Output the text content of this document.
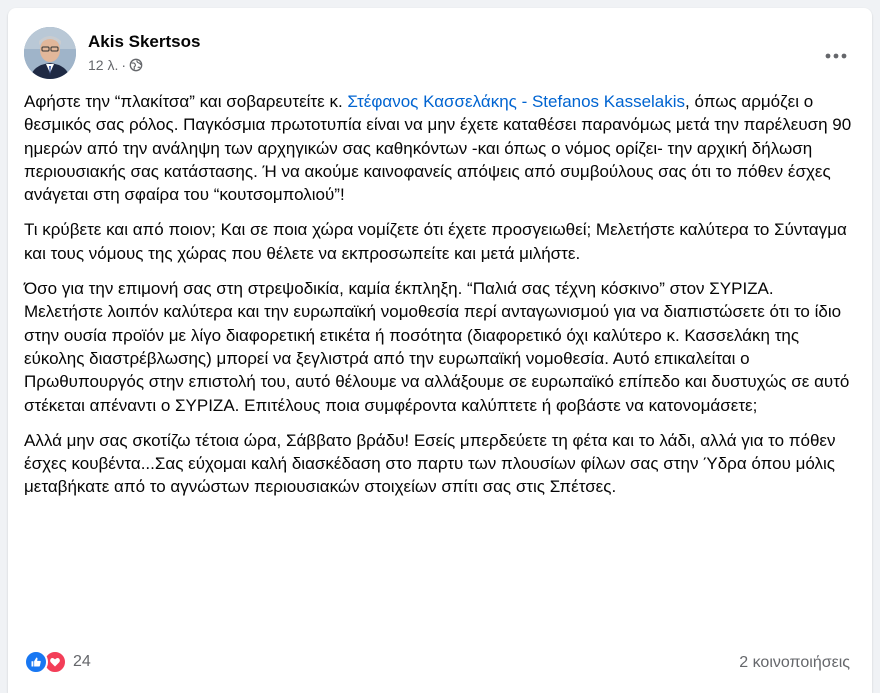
Akis Skertsos
12 λ. ·

Αφήστε την “πλακίτσα” και σοβαρευτείτε κ. Στέφανος Κασσελάκης - Stefanos Kasselakis, όπως αρμόζει ο θεσμικός σας ρόλος. Παγκόσμια πρωτοτυπία είναι να μην έχετε καταθέσει παρανόμως μετά την παρέλευση 90 ημερών από την ανάληψη των αρχηγικών σας καθηκόντων -και όπως ο νόμος ορίζει- την αρχική δήλωση περιουσιακής σας κατάστασης. Ή να ακούμε καινοφανείς απόψεις από συμβούλους σας ότι το πόθεν έσχες ανάγεται στη σφαίρα του “κουτσομπολιού”!

Τι κρύβετε και από ποιον; Και σε ποια χώρα νομίζετε ότι έχετε προσγειωθεί; Μελετήστε καλύτερα το Σύνταγμα και τους νόμους της χώρας που θέλετε να εκπροσωπείτε και μετά μιλήστε.

Όσο για την επιμονή σας στη στρεψοδικία, καμία έκπληξη. “Παλιά σας τέχνη κόσκινο” στον ΣΥΡΙΖΑ. Μελετήστε λοιπόν καλύτερα και την ευρωπαϊκή νομοθεσία περί ανταγωνισμού για να διαπιστώσετε ότι το ίδιο στην ουσία προϊόν με λίγο διαφορετική ετικέτα ή ποσότητα (διαφορετικό όχι καλύτερο κ. Κασσελάκη της εύκολης διαστρέβλωσης) μπορεί να ξεγλιστρά από την ευρωπαϊκή νομοθεσία. Αυτό επικαλείται ο Πρωθυπουργός στην επιστολή του, αυτό θέλουμε να αλλάξουμε σε ευρωπαϊκό επίπεδο και δυστυχώς σε αυτό στέκεται απέναντι ο ΣΥΡΙΖΑ. Επιτέλους ποια συμφέροντα καλύπτετε ή φοβάστε να κατονομάσετε;

Αλλά μην σας σκοτίζω τέτοια ώρα, Σάββατο βράδυ! Εσείς μπερδεύετε τη φέτα και το λάδι, αλλά για το πόθεν έσχες κουβέντα...Σας εύχομαι καλή διασκέδαση στο παρτυ των πλουσίων φίλων σας στην Ύδρα όπου μόλις μεταβήκατε από το αγνώστων περιουσιακών στοιχείων σπίτι σας στις Σπέτσες.

24	2 κοινοποιήσεις
